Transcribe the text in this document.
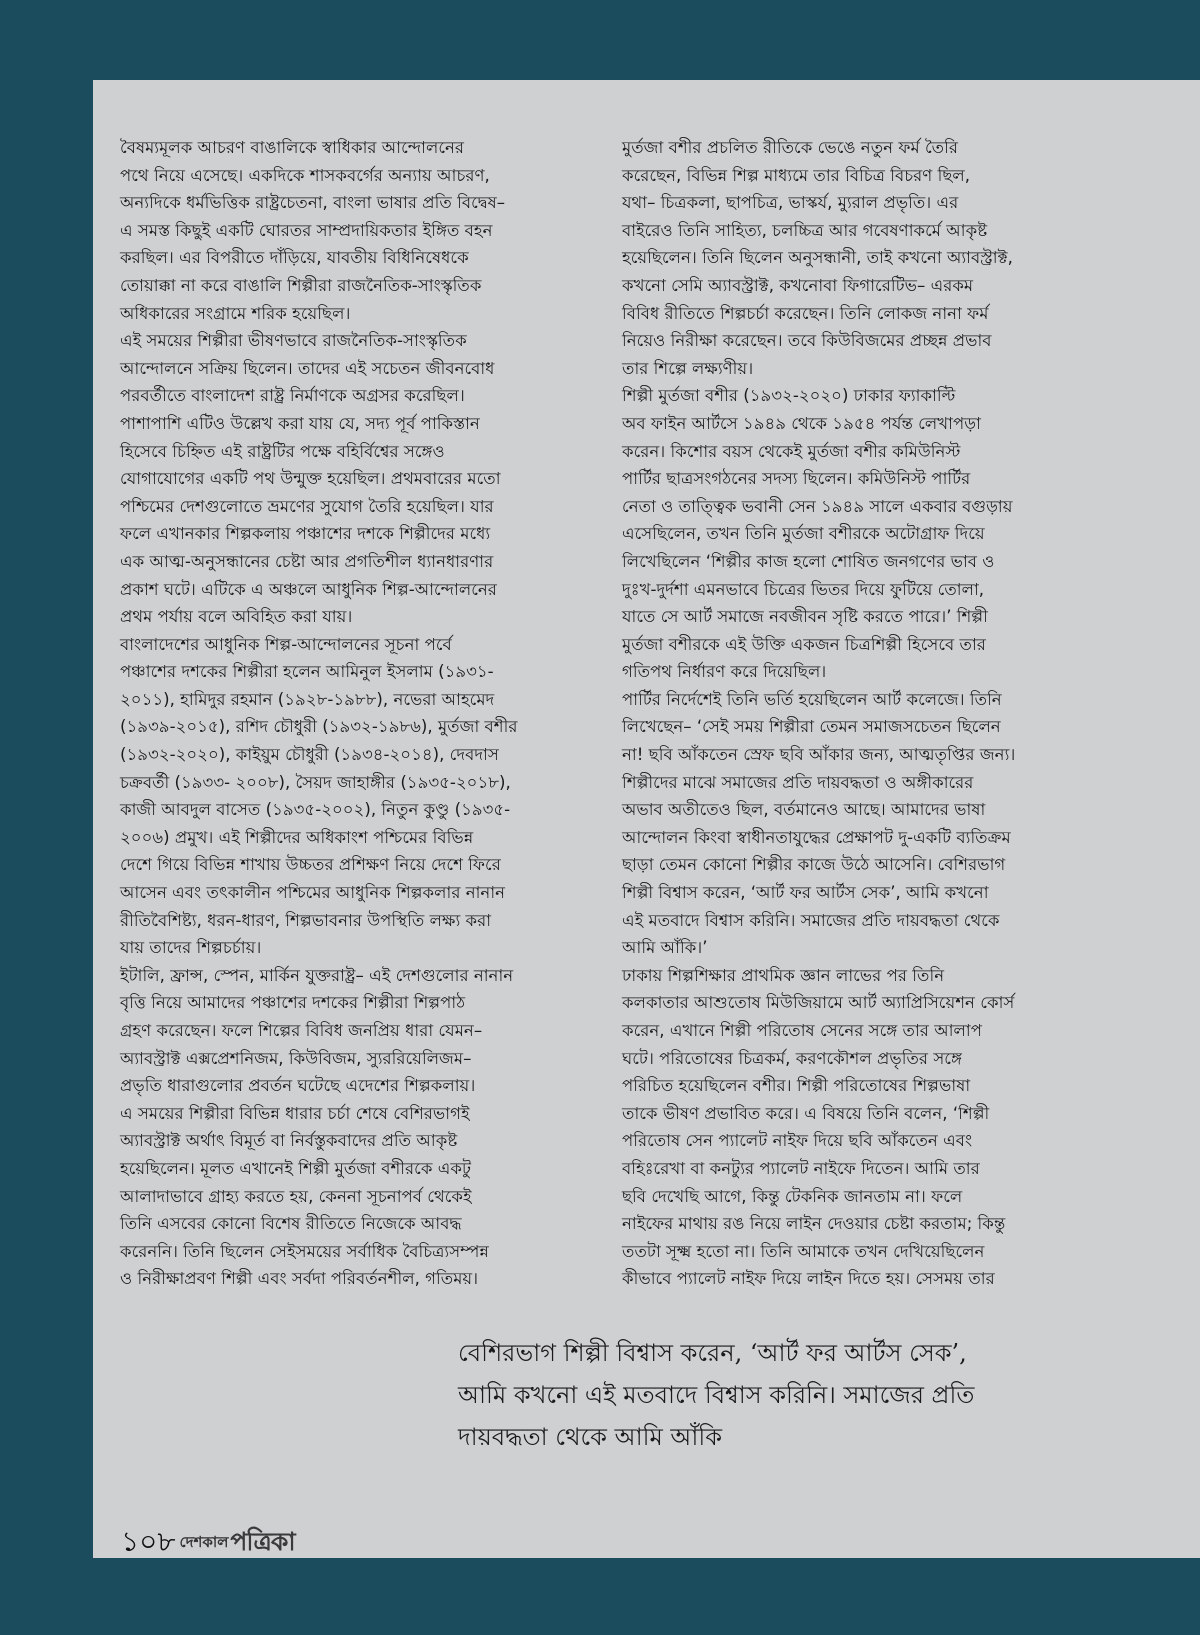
বৈষম্যমূলক আচরণ বাঙালিকে স্বাধিকার আন্দোলনের

পথে নিয়ে এসেছে। একদিকে শাসকবর্গের অন্যায় আচরণ,

অন্যদিকে ধর্মভিত্তিক রাষ্ট্রচেতনা, বাংলা ভাষার প্রতি বিদ্বেষ–

এ সমস্ত কিছুই একটি ঘোরতর সাম্প্রদায়িকতার ইঙ্গিত বহন

করছিল। এর বিপরীতে দাঁড়িয়ে, যাবতীয় বিধিনিষেধকে

তোয়াক্কা না করে বাঙালি শিল্পীরা রাজনৈতিক-সাংস্কৃতিক

অধিকারের সংগ্রামে শরিক হয়েছিল।

এই সময়ের শিল্পীরা ভীষণভাবে রাজনৈতিক-সাংস্কৃতিক

আন্দোলনে সক্রিয় ছিলেন। তাদের এই সচেতন জীবনবোধ

পরবর্তীতে বাংলাদেশ রাষ্ট্র নির্মাণকে অগ্রসর করেছিল।

পাশাপাশি এটিও উল্লেখ করা যায় যে, সদ্য পূর্ব পাকিস্তান

হিসেবে চিহ্নিত এই রাষ্ট্রটির পক্ষে বহির্বিশ্বের সঙ্গেও

যোগাযোগের একটি পথ উন্মুক্ত হয়েছিল। প্রথমবারের মতো

পশ্চিমের দেশগুলোতে ভ্রমণের সুযোগ তৈরি হয়েছিল। যার

ফলে এখানকার শিল্পকলায় পঞ্চাশের দশকে শিল্পীদের মধ্যে

এক আত্ম-অনুসন্ধানের চেষ্টা আর প্রগতিশীল ধ্যানধারণার

প্রকাশ ঘটে। এটিকে এ অঞ্চলে আধুনিক শিল্প-আন্দোলনের

প্রথম পর্যায় বলে অবিহিত করা যায়।

বাংলাদেশের আধুনিক শিল্প-আন্দোলনের সূচনা পর্বে

পঞ্চাশের দশকের শিল্পীরা হলেন আমিনুল ইসলাম (১৯৩১-

২০১১), হামিদুর রহমান (১৯২৮-১৯৮৮), নভেরা আহমেদ

(১৯৩৯-২০১৫), রশিদ চৌধুরী (১৯৩২-১৯৮৬), মুর্তজা বশীর

(১৯৩২-২০২০), কাইয়ুম চৌধুরী (১৯৩৪-২০১৪), দেবদাস

চক্রবর্তী (১৯৩৩- ২০০৮), সৈয়দ জাহাঙ্গীর (১৯৩৫-২০১৮),

কাজী আবদুল বাসেত (১৯৩৫-২০০২), নিতুন কুণ্ডু (১৯৩৫-

২০০৬) প্রমুখ। এই শিল্পীদের অধিকাংশ পশ্চিমের বিভিন্ন

দেশে গিয়ে বিভিন্ন শাখায় উচ্চতর প্রশিক্ষণ নিয়ে দেশে ফিরে

আসেন এবং তৎকালীন পশ্চিমের আধুনিক শিল্পকলার নানান

রীতিবৈশিষ্ট্য, ধরন-ধারণ, শিল্পভাবনার উপস্থিতি লক্ষ্য করা

যায় তাদের শিল্পচর্চায়।

ইটালি, ফ্রান্স, স্পেন, মার্কিন যুক্তরাষ্ট্র– এই দেশগুলোর নানান

বৃত্তি নিয়ে আমাদের পঞ্চাশের দশকের শিল্পীরা শিল্পপাঠ

গ্রহণ করেছেন। ফলে শিল্পের বিবিধ জনপ্রিয় ধারা যেমন–

অ্যাবস্ট্রাক্ট এক্সপ্রেশনিজম, কিউবিজম, স্যুররিয়েলিজম–

প্রভৃতি ধারাগুলোর প্রবর্তন ঘটেছে এদেশের শিল্পকলায়।

এ সময়ের শিল্পীরা বিভিন্ন ধারার চর্চা শেষে বেশিরভাগই

অ্যাবস্ট্রাক্ট অর্থাৎ বিমূর্ত বা নির্বস্তুকবাদের প্রতি আকৃষ্ট

হয়েছিলেন। মূলত এখানেই শিল্পী মুর্তজা বশীরকে একটু

আলাদাভাবে গ্রাহ্য করতে হয়, কেননা সূচনাপর্ব থেকেই

তিনি এসবের কোনো বিশেষ রীতিতে নিজেকে আবদ্ধ

করেননি। তিনি ছিলেন সেইসময়ের সর্বাধিক বৈচিত্র্যসম্পন্ন

ও নিরীক্ষাপ্রবণ শিল্পী এবং সর্বদা পরিবর্তনশীল, গতিময়।

মুর্তজা বশীর প্রচলিত রীতিকে ভেঙে নতুন ফর্ম তৈরি

করেছেন, বিভিন্ন শিল্প মাধ্যমে তার বিচিত্র বিচরণ ছিল,

যথা– চিত্রকলা, ছাপচিত্র, ভাস্কর্য, ম্যুরাল প্রভৃতি। এর

বাইরেও তিনি সাহিত্য, চলচ্চিত্র আর গবেষণাকর্মে আকৃষ্ট

হয়েছিলেন। তিনি ছিলেন অনুসন্ধানী, তাই কখনো অ্যাবস্ট্রাক্ট,

কখনো সেমি অ্যাবস্ট্রাক্ট, কখনোবা ফিগারেটিভ– এরকম

বিবিধ রীতিতে শিল্পচর্চা করেছেন। তিনি লোকজ নানা ফর্ম

নিয়েও নিরীক্ষা করেছেন। তবে কিউবিজমের প্রচ্ছন্ন প্রভাব

তার শিল্পে লক্ষ্যণীয়।

শিল্পী মুর্তজা বশীর (১৯৩২-২০২০) ঢাকার ফ্যাকাল্টি

অব ফাইন আর্টসে ১৯৪৯ থেকে ১৯৫৪ পর্যন্ত লেখাপড়া

করেন। কিশোর বয়স থেকেই মুর্তজা বশীর কমিউনিস্ট

পার্টির ছাত্রসংগঠনের সদস্য ছিলেন। কমিউনিস্ট পার্টির

নেতা ও তাত্ত্বিক ভবানী সেন ১৯৪৯ সালে একবার বগুড়ায়

এসেছিলেন, তখন তিনি মুর্তজা বশীরকে অটোগ্রাফ দিয়ে

লিখেছিলেন ‘শিল্পীর কাজ হলো শোষিত জনগণের ভাব ও

দুঃখ-দুর্দশা এমনভাবে চিত্রের ভিতর দিয়ে ফুটিয়ে তোলা,

যাতে সে আর্ট সমাজে নবজীবন সৃষ্টি করতে পারে।’ শিল্পী

মুর্তজা বশীরকে এই উক্তি একজন চিত্রশিল্পী হিসেবে তার

গতিপথ নির্ধারণ করে দিয়েছিল।

পার্টির নির্দেশেই তিনি ভর্তি হয়েছিলেন আর্ট কলেজে। তিনি

লিখেছেন– ‘সেই সময় শিল্পীরা তেমন সমাজসচেতন ছিলেন

না! ছবি আঁকতেন স্রেফ ছবি আঁকার জন্য, আত্মতৃপ্তির জন্য।

শিল্পীদের মাঝে সমাজের প্রতি দায়বদ্ধতা ও অঙ্গীকারের

অভাব অতীতেও ছিল, বর্তমানেও আছে। আমাদের ভাষা

আন্দোলন কিংবা স্বাধীনতাযুদ্ধের প্রেক্ষাপট দু-একটি ব্যতিক্রম

ছাড়া তেমন কোনো শিল্পীর কাজে উঠে আসেনি। বেশিরভাগ

শিল্পী বিশ্বাস করেন, ‘আর্ট ফর আর্টস সেক’, আমি কখনো

এই মতবাদে বিশ্বাস করিনি। সমাজের প্রতি দায়বদ্ধতা থেকে

আমি আঁকি।’

ঢাকায় শিল্পশিক্ষার প্রাথমিক জ্ঞান লাভের পর তিনি

কলকাতার আশুতোষ মিউজিয়ামে আর্ট অ্যাপ্রিসিয়েশন কোর্স

করেন, এখানে শিল্পী পরিতোষ সেনের সঙ্গে তার আলাপ

ঘটে। পরিতোষের চিত্রকর্ম, করণকৌশল প্রভৃতির সঙ্গে

পরিচিত হয়েছিলেন বশীর। শিল্পী পরিতোষের শিল্পভাষা

তাকে ভীষণ প্রভাবিত করে। এ বিষয়ে তিনি বলেন, ‘শিল্পী

পরিতোষ সেন প্যালেট নাইফ দিয়ে ছবি আঁকতেন এবং

বহিঃরেখা বা কনট্যুর প্যালেট নাইফে দিতেন। আমি তার

ছবি দেখেছি আগে, কিন্তু টেকনিক জানতাম না। ফলে

নাইফের মাথায় রঙ নিয়ে লাইন দেওয়ার চেষ্টা করতাম; কিন্তু

ততটা সূক্ষ্ম হতো না। তিনি আমাকে তখন দেখিয়েছিলেন

কীভাবে প্যালেট নাইফ দিয়ে লাইন দিতে হয়। সেসময় তার

বেশিরভাগ শিল্পী বিশ্বাস করেন, ‘আর্ট ফর আর্টস সেক’,

আমি কখনো এই মতবাদে বিশ্বাস করিনি। সমাজের প্রতি

দায়বদ্ধতা থেকে আমি আঁকি

১০৮ দেশকাল পত্রিকা
